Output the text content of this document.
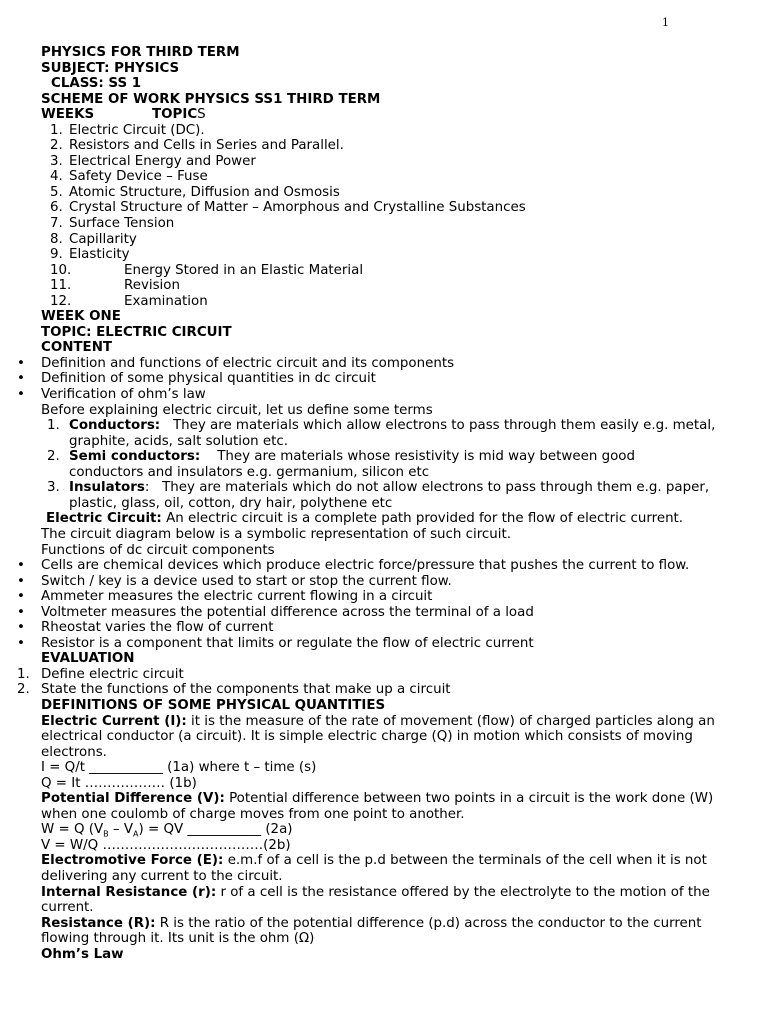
1
PHYSICS FOR THIRD TERM
SUBJECT: PHYSICS
CLASS: SS 1
SCHEME OF WORK PHYSICS SS1 THIRD TERM
WEEKS	TOPICS
1. Electric Circuit (DC).
2. Resistors and Cells in Series and Parallel.
3. Electrical Energy and Power
4. Safety Device – Fuse
5. Atomic Structure, Diffusion and Osmosis
6. Crystal Structure of Matter – Amorphous and Crystalline Substances
7. Surface Tension
8. Capillarity
9. Elasticity
10.	Energy Stored in an Elastic Material
11.	Revision
12.	Examination
WEEK ONE
TOPIC: ELECTRIC CIRCUIT
CONTENT
• Definition and functions of electric circuit and its components
• Definition of some physical quantities in dc circuit
• Verification of ohm’s law
Before explaining electric circuit, let us define some terms
1. Conductors: They are materials which allow electrons to pass through them easily e.g. metal, graphite, acids, salt solution etc.
2. Semi conductors: They are materials whose resistivity is mid way between good conductors and insulators e.g. germanium, silicon etc
3. Insulators: They are materials which do not allow electrons to pass through them e.g. paper, plastic, glass, oil, cotton, dry hair, polythene etc
Electric Circuit: An electric circuit is a complete path provided for the flow of electric current.
The circuit diagram below is a symbolic representation of such circuit.
Functions of dc circuit components
• Cells are chemical devices which produce electric force/pressure that pushes the current to flow.
• Switch / key is a device used to start or stop the current flow.
• Ammeter measures the electric current flowing in a circuit
• Voltmeter measures the potential difference across the terminal of a load
• Rheostat varies the flow of current
• Resistor is a component that limits or regulate the flow of electric current
EVALUATION
1. Define electric circuit
2. State the functions of the components that make up a circuit
DEFINITIONS OF SOME PHYSICAL QUANTITIES
Electric Current (I): it is the measure of the rate of movement (flow) of charged particles along an electrical conductor (a circuit). It is simple electric charge (Q) in motion which consists of moving electrons.
I = Q/t ___________ (1a) where t – time (s)
Q = It ……………… (1b)
Potential Difference (V): Potential difference between two points in a circuit is the work done (W) when one coulomb of charge moves from one point to another.
W = Q $(V_B - V_A)$ = QV ___________ (2a)
V = W/Q ………………………………(2b)
Electromotive Force (E): e.m.f of a cell is the p.d between the terminals of the cell when it is not delivering any current to the circuit.
Internal Resistance (r): r of a cell is the resistance offered by the electrolyte to the motion of the current.
Resistance (R): R is the ratio of the potential difference (p.d) across the conductor to the current flowing through it. Its unit is the ohm (Ω)
Ohm’s Law
